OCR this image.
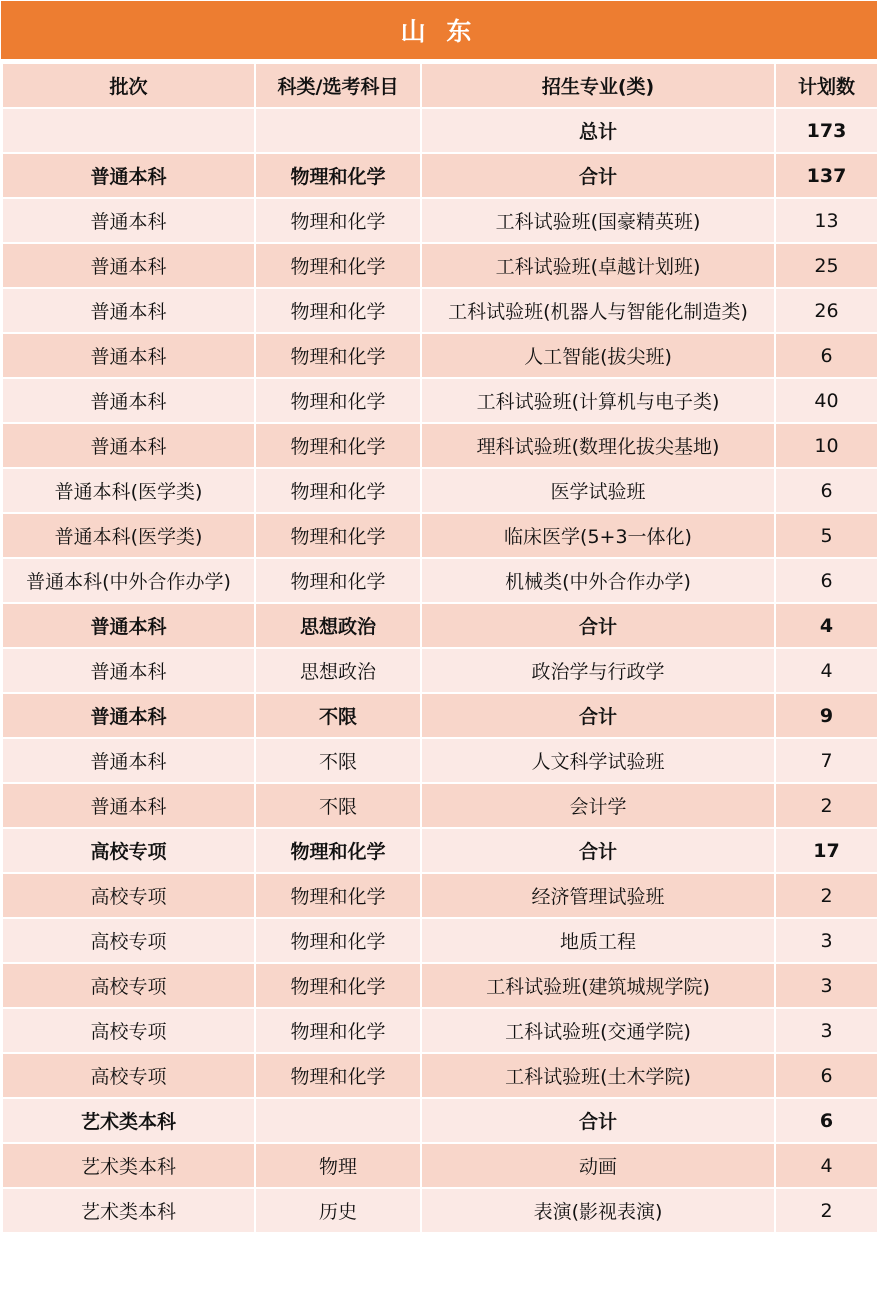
山 东
批次	科类/选考科目	招生专业(类)	计划数
		总计	173
普通本科	物理和化学	合计	137
普通本科	物理和化学	工科试验班(国豪精英班)	13
普通本科	物理和化学	工科试验班(卓越计划班)	25
普通本科	物理和化学	工科试验班(机器人与智能化制造类)	26
普通本科	物理和化学	人工智能(拔尖班)	6
普通本科	物理和化学	工科试验班(计算机与电子类)	40
普通本科	物理和化学	理科试验班(数理化拔尖基地)	10
普通本科(医学类)	物理和化学	医学试验班	6
普通本科(医学类)	物理和化学	临床医学(5+3一体化)	5
普通本科(中外合作办学)	物理和化学	机械类(中外合作办学)	6
普通本科	思想政治	合计	4
普通本科	思想政治	政治学与行政学	4
普通本科	不限	合计	9
普通本科	不限	人文科学试验班	7
普通本科	不限	会计学	2
高校专项	物理和化学	合计	17
高校专项	物理和化学	经济管理试验班	2
高校专项	物理和化学	地质工程	3
高校专项	物理和化学	工科试验班(建筑城规学院)	3
高校专项	物理和化学	工科试验班(交通学院)	3
高校专项	物理和化学	工科试验班(土木学院)	6
艺术类本科		合计	6
艺术类本科	物理	动画	4
艺术类本科	历史	表演(影视表演)	2
